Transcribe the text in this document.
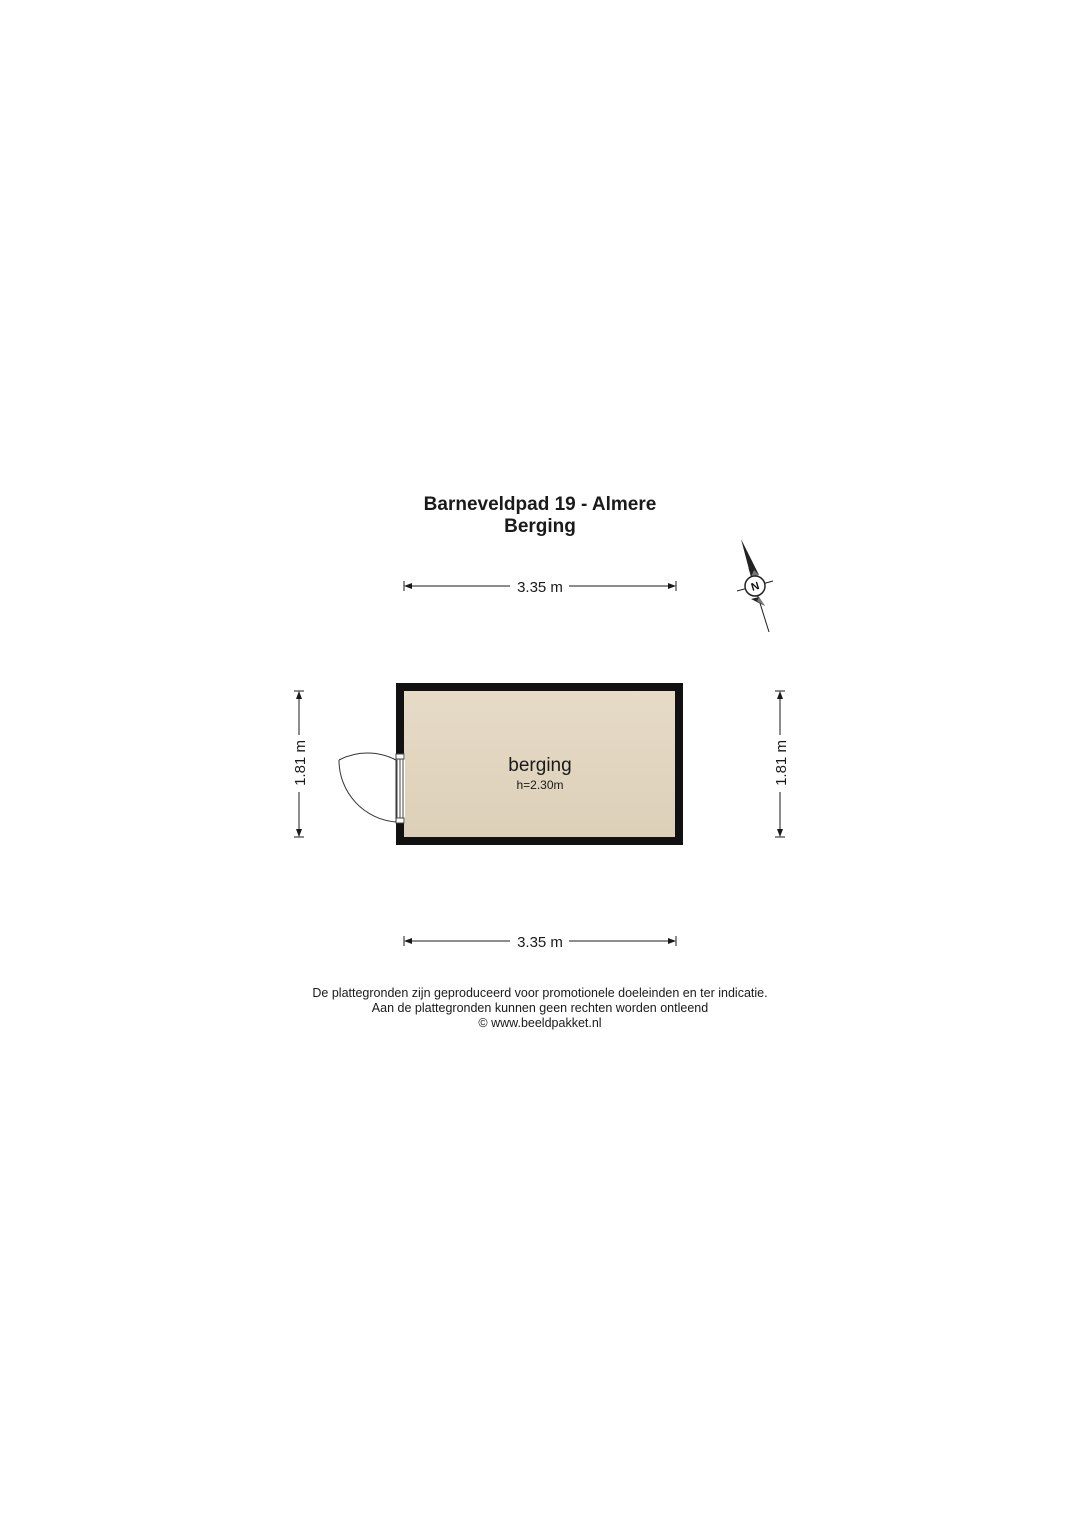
Barneveldpad 19 - Almere
Berging
3.35 m
3.35 m
1.81 m	1.81 m
berging
h=2.30m
N
De plattegronden zijn geproduceerd voor promotionele doeleinden en ter indicatie.
Aan de plattegronden kunnen geen rechten worden ontleend
© www.beeldpakket.nl
